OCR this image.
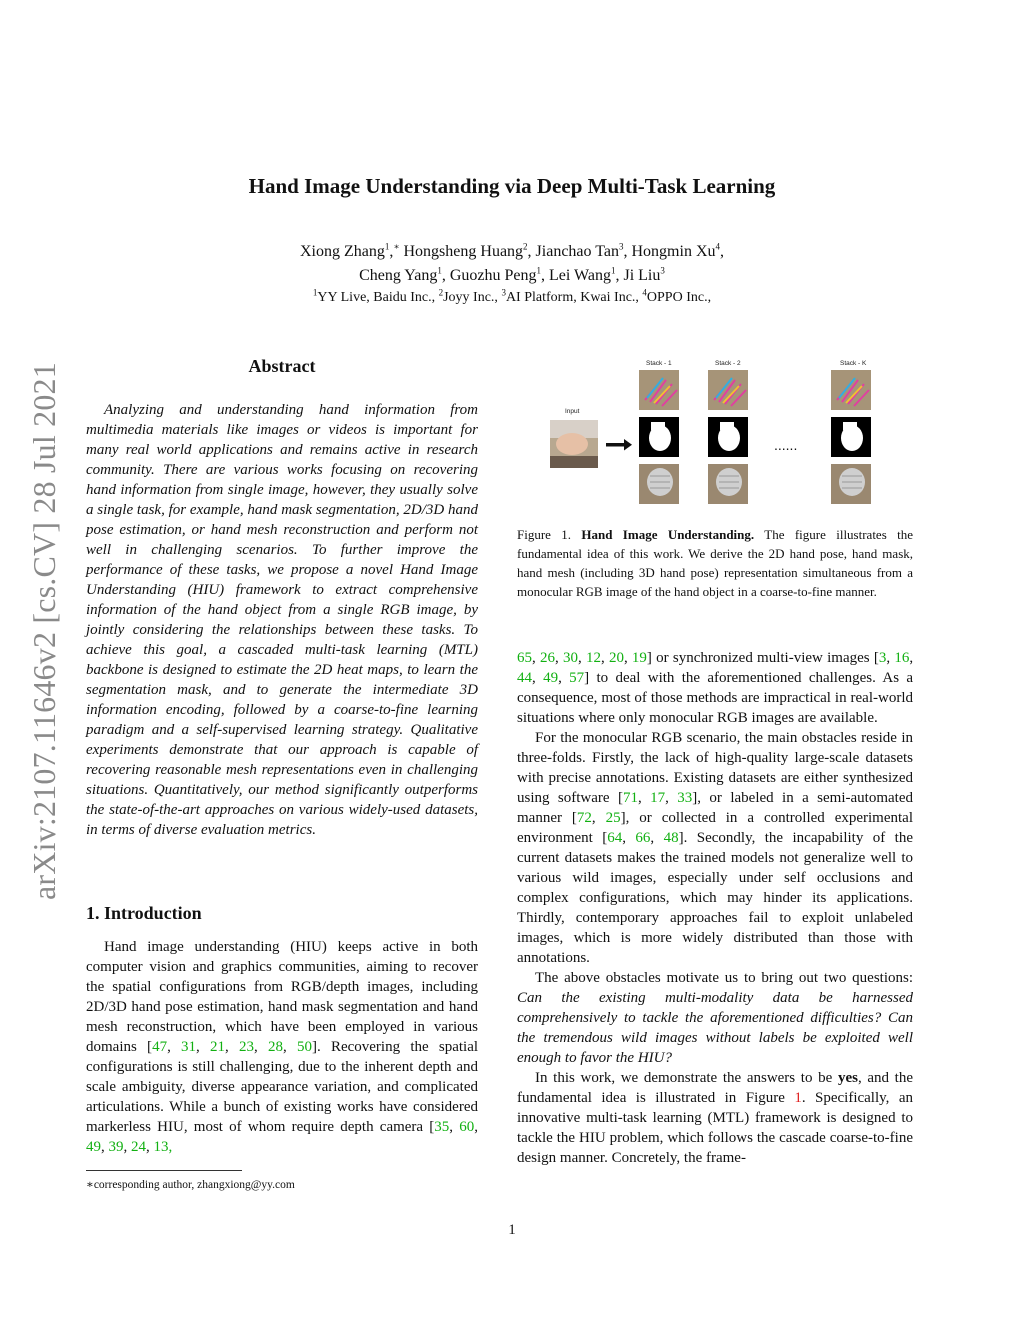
arXiv:2107.11646v2 [cs.CV] 28 Jul 2021
Hand Image Understanding via Deep Multi-Task Learning
Xiong Zhang$^1$,∗ Hongsheng Huang$^2$, Jianchao Tan$^3$, Hongmin Xu$^4$,
Cheng Yang$^1$, Guozhu Peng$^1$, Lei Wang$^1$, Ji Liu$^3$
$^1$YY Live, Baidu Inc., $^2$Joyy Inc., $^3$AI Platform, Kwai Inc., $^4$OPPO Inc.,
Abstract
Analyzing and understanding hand information from multimedia materials like images or videos is important for many real world applications and remains active in research community. There are various works focusing on recovering hand information from single image, however, they usually solve a single task, for example, hand mask segmentation, 2D/3D hand pose estimation, or hand mesh reconstruction and perform not well in challenging scenarios. To further improve the performance of these tasks, we propose a novel Hand Image Understanding (HIU) framework to extract comprehensive information of the hand object from a single RGB image, by jointly considering the relationships between these tasks. To achieve this goal, a cascaded multi-task learning (MTL) backbone is designed to estimate the 2D heat maps, to learn the segmentation mask, and to generate the intermediate 3D information encoding, followed by a coarse-to-fine learning paradigm and a self-supervised learning strategy. Qualitative experiments demonstrate that our approach is capable of recovering reasonable mesh representations even in challenging situations. Quantitatively, our method significantly outperforms the state-of-the-art approaches on various widely-used datasets, in terms of diverse evaluation metrics.
1. Introduction
Hand image understanding (HIU) keeps active in both computer vision and graphics communities, aiming to recover the spatial configurations from RGB/depth images, including 2D/3D hand pose estimation, hand mask segmentation and hand mesh reconstruction, which have been employed in various domains [47, 31, 21, 23, 28, 50]. Recovering the spatial configurations is still challenging, due to the inherent depth and scale ambiguity, diverse appearance variation, and complicated articulations. While a bunch of existing works have considered markerless HIU, most of whom require depth camera [35, 60, 49, 39, 24, 13,
∗corresponding author, zhangxiong@yy.com
1
Stack - 1	Stack - 2	Stack - K
Input
......
Figure 1. Hand Image Understanding. The figure illustrates the fundamental idea of this work. We derive the 2D hand pose, hand mask, hand mesh (including 3D hand pose) representation simultaneous from a monocular RGB image of the hand object in a coarse-to-fine manner.

65, 26, 30, 12, 20, 19] or synchronized multi-view images [3, 16, 44, 49, 57] to deal with the aforementioned challenges. As a consequence, most of those methods are impractical in real-world situations where only monocular RGB images are available.

For the monocular RGB scenario, the main obstacles reside in three-folds. Firstly, the lack of high-quality large-scale datasets with precise annotations. Existing datasets are either synthesized using software [71, 17, 33], or labeled in a semi-automated manner [72, 25], or collected in a controlled experimental environment [64, 66, 48]. Secondly, the incapability of the current datasets makes the trained models not generalize well to various wild images, especially under self occlusions and complex configurations, which may hinder its applications. Thirdly, contemporary approaches fail to exploit unlabeled images, which is more widely distributed than those with annotations.

The above obstacles motivate us to bring out two questions: Can the existing multi-modality data be harnessed comprehensively to tackle the aforementioned difficulties? Can the tremendous wild images without labels be exploited well enough to favor the HIU?

In this work, we demonstrate the answers to be yes, and the fundamental idea is illustrated in Figure 1. Specifically, an innovative multi-task learning (MTL) framework is designed to tackle the HIU problem, which follows the cascade coarse-to-fine design manner. Concretely, the frame-
